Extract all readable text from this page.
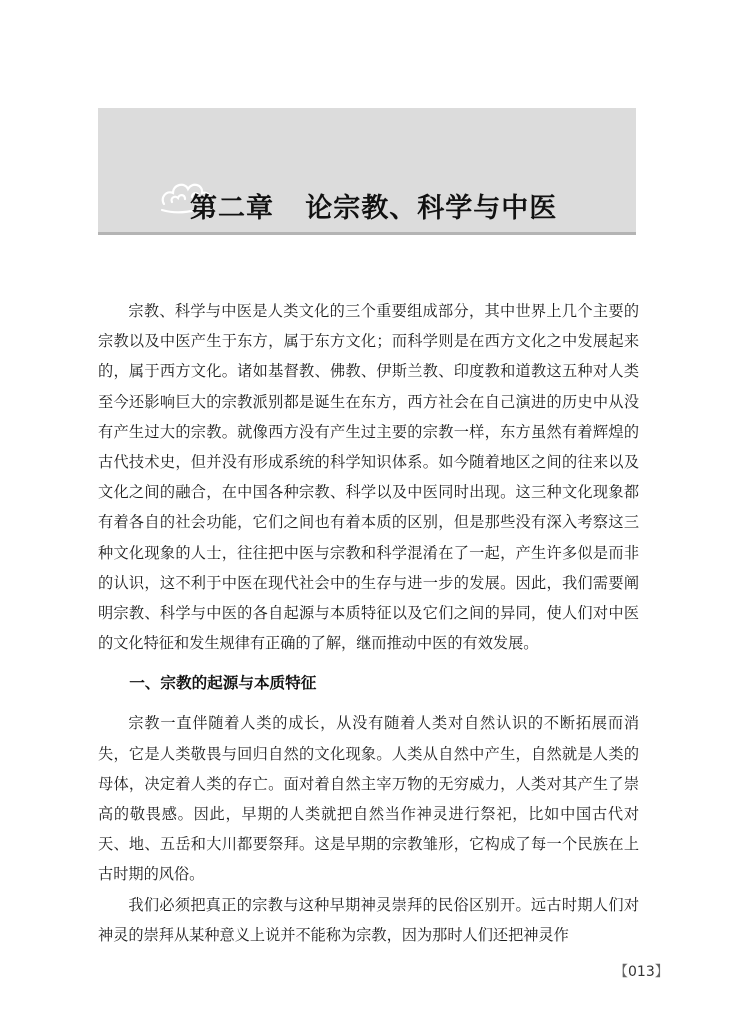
第二章   论宗教、科学与中医

宗教、科学与中医是人类文化的三个重要组成部分，其中世界上几个主要的宗教以及中医产生于东方，属于东方文化；而科学则是在西方文化之中发展起来的，属于西方文化。诸如基督教、佛教、伊斯兰教、印度教和道教这五种对人类至今还影响巨大的宗教派别都是诞生在东方，西方社会在自己演进的历史中从没有产生过大的宗教。就像西方没有产生过主要的宗教一样，东方虽然有着辉煌的古代技术史，但并没有形成系统的科学知识体系。如今随着地区之间的往来以及文化之间的融合，在中国各种宗教、科学以及中医同时出现。这三种文化现象都有着各自的社会功能，它们之间也有着本质的区别，但是那些没有深入考察这三种文化现象的人士，往往把中医与宗教和科学混淆在了一起，产生许多似是而非的认识，这不利于中医在现代社会中的生存与进一步的发展。因此，我们需要阐明宗教、科学与中医的各自起源与本质特征以及它们之间的异同，使人们对中医的文化特征和发生规律有正确的了解，继而推动中医的有效发展。

一、宗教的起源与本质特征

宗教一直伴随着人类的成长，从没有随着人类对自然认识的不断拓展而消失，它是人类敬畏与回归自然的文化现象。人类从自然中产生，自然就是人类的母体，决定着人类的存亡。面对着自然主宰万物的无穷威力，人类对其产生了崇高的敬畏感。因此，早期的人类就把自然当作神灵进行祭祀，比如中国古代对天、地、五岳和大川都要祭拜。这是早期的宗教雏形，它构成了每一个民族在上古时期的风俗。

我们必须把真正的宗教与这种早期神灵崇拜的民俗区别开。远古时期人们对神灵的崇拜从某种意义上说并不能称为宗教，因为那时人们还把神灵作

【013】
